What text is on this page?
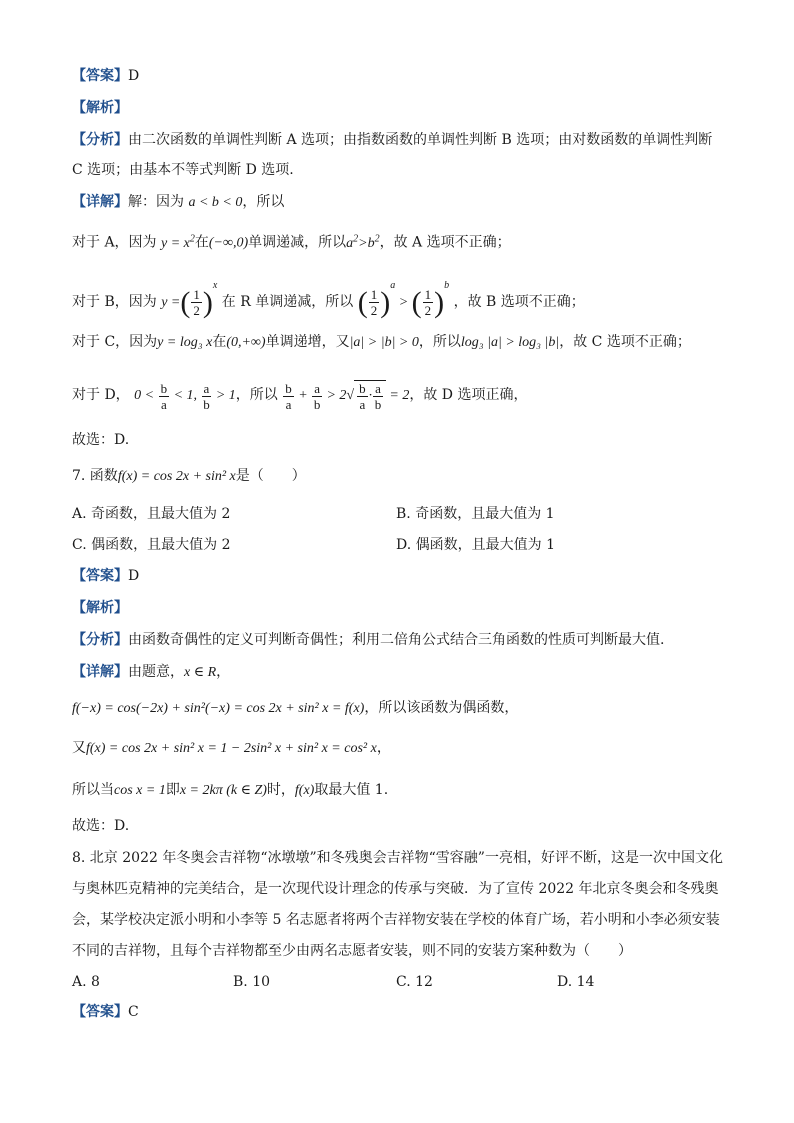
【答案】D
【解析】
【分析】由二次函数的单调性判断 A 选项；由指数函数的单调性判断 B 选项；由对数函数的单调性判断
C 选项；由基本不等式判断 D 选项.
【详解】解：因为 a < b < 0，所以
对于 A，因为 $y = x^2$在(−∞,0)单调递减，所以$a^2>b^2$，故 A 选项不正确；
对于 B，因为 y =( $\frac{1}{2} )^x$ 在 R 单调递减，所以 ( $\frac{1}{2} )^a$ > ( $\frac{1}{2} )^b$ ，故 B 选项不正确；
对于 C，因为y = log₃ x在(0,+∞)单调递增，又|a| > |b| > 0，所以log₃ |a| > log₃ |b|，故 C 选项不正确；
对于 D， $0 < \frac{b}{a} < 1$, $\frac{a}{b} > 1$，所以 $\frac{b}{a} + \frac{a}{b} > 2√ \frac{b}{a} \cdot \frac{a}{b} = 2$，故 D 选项正确，
故选：D.
7. 函数f(x) = cos 2x + sin² x是（　　）
A. 奇函数，且最大值为 2	B. 奇函数，且最大值为 1
C. 偶函数，且最大值为 2	D. 偶函数，且最大值为 1
【答案】D
【解析】
【分析】由函数奇偶性的定义可判断奇偶性；利用二倍角公式结合三角函数的性质可判断最大值.
【详解】由题意，x ∈ R，
f(−x) = cos(−2x) + sin²(−x) = cos 2x + sin² x = f(x)，所以该函数为偶函数，
又f(x) = cos 2x + sin² x = 1 − 2sin² x + sin² x = cos² x，
所以当cos x = 1即x = 2kπ (k ∈ Z)时，f(x)取最大值 1.
故选：D.
8. 北京 2022 年冬奥会吉祥物“冰墩墩”和冬残奥会吉祥物“雪容融”一亮相，好评不断，这是一次中国文化
与奥林匹克精神的完美结合，是一次现代设计理念的传承与突破．为了宣传 2022 年北京冬奥会和冬残奥
会，某学校决定派小明和小李等 5 名志愿者将两个吉祥物安装在学校的体育广场，若小明和小李必须安装
不同的吉祥物，且每个吉祥物都至少由两名志愿者安装，则不同的安装方案种数为（　　）
A. 8	B. 10	C. 12	D. 14
【答案】C
